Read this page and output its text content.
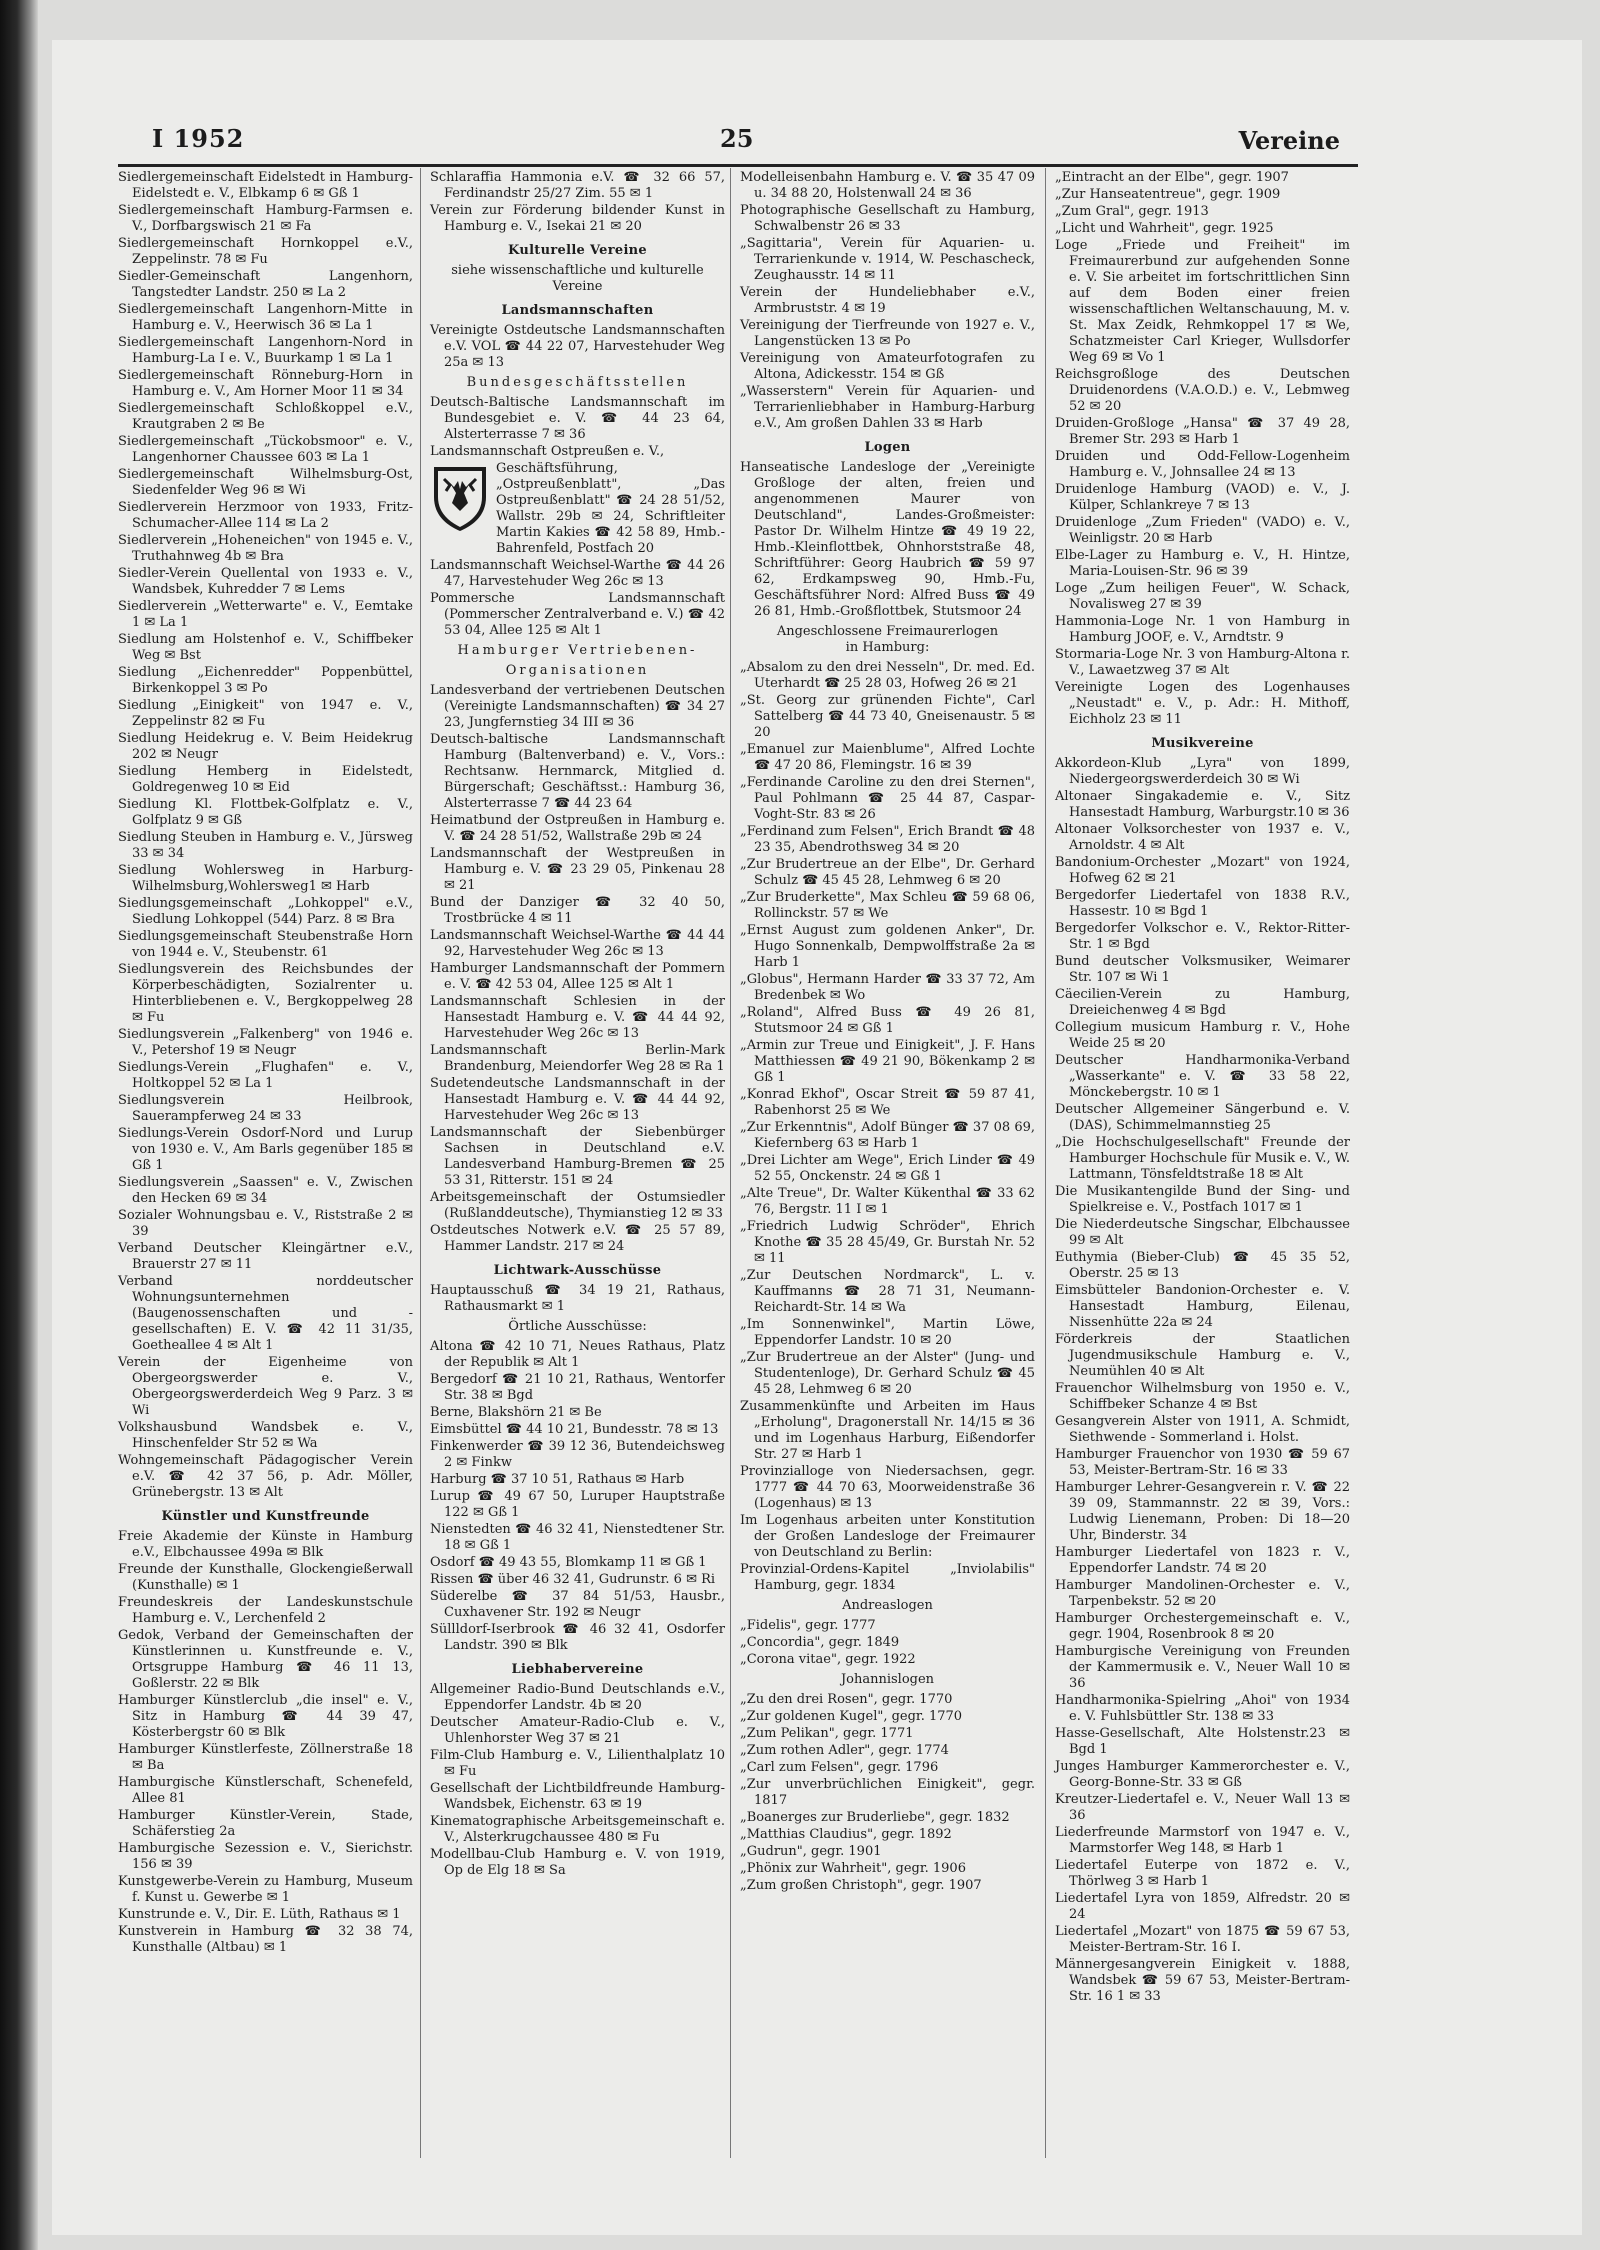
I 1952	25	Vereine
Siedlergemeinschaft Eidelstedt in Hamburg-Eidelstedt e. V., Elbkamp 6 ✉ Gß 1
Siedlergemeinschaft Hamburg-Farmsen e. V., Dorfbargswisch 21 ✉ Fa
Siedlergemeinschaft Hornkoppel e.V., Zeppelinstr. 78 ✉ Fu
Siedler-Gemeinschaft Langenhorn, Tangstedter Landstr. 250 ✉ La 2
Siedlergemeinschaft Langenhorn-Mitte in Hamburg e. V., Heerwisch 36 ✉ La 1
Siedlergemeinschaft Langenhorn-Nord in Hamburg-La I e. V., Buurkamp 1 ✉ La 1
Siedlergemeinschaft Rönneburg-Horn in Hamburg e. V., Am Horner Moor 11 ✉ 34
Siedlergemeinschaft Schloßkoppel e.V., Krautgraben 2 ✉ Be
Siedlergemeinschaft „Tückobsmoor" e. V., Langenhorner Chaussee 603 ✉ La 1
Siedlergemeinschaft Wilhelmsburg-Ost, Siedenfelder Weg 96 ✉ Wi
Siedlerverein Herzmoor von 1933, Fritz-Schumacher-Allee 114 ✉ La 2
Siedlerverein „Hoheneichen" von 1945 e. V., Truthahnweg 4b ✉ Bra
Siedler-Verein Quellental von 1933 e. V., Wandsbek, Kuhredder 7 ✉ Lems
Siedlerverein „Wetterwarte" e. V., Eemtake 1 ✉ La 1
Siedlung am Holstenhof e. V., Schiffbeker Weg ✉ Bst
Siedlung „Eichenredder" Poppenbüttel, Birkenkoppel 3 ✉ Po
Siedlung „Einigkeit" von 1947 e. V., Zeppelinstr 82 ✉ Fu
Siedlung Heidekrug e. V. Beim Heidekrug 202 ✉ Neugr
Siedlung Hemberg in Eidelstedt, Goldregenweg 10 ✉ Eid
Siedlung Kl. Flottbek-Golfplatz e. V., Golfplatz 9 ✉ Gß
Siedlung Steuben in Hamburg e. V., Jürsweg 33 ✉ 34
Siedlung Wohlersweg in Harburg-Wilhelmsburg,Wohlersweg1 ✉ Harb
Siedlungsgemeinschaft „Lohkoppel" e.V., Siedlung Lohkoppel (544) Parz. 8 ✉ Bra
Siedlungsgemeinschaft Steubenstraße Horn von 1944 e. V., Steubenstr. 61
Siedlungsverein des Reichsbundes der Körperbeschädigten, Sozialrenter u. Hinterbliebenen e. V., Bergkoppelweg 28 ✉ Fu
Siedlungsverein „Falkenberg" von 1946 e. V., Petershof 19 ✉ Neugr
Siedlungs-Verein „Flughafen" e. V., Holtkoppel 52 ✉ La 1
Siedlungsverein Heilbrook, Sauerampferweg 24 ✉ 33
Siedlungs-Verein Osdorf-Nord und Lurup von 1930 e. V., Am Barls gegenüber 185 ✉ Gß 1
Siedlungsverein „Saassen" e. V., Zwischen den Hecken 69 ✉ 34
Sozialer Wohnungsbau e. V., Riststraße 2 ✉ 39
Verband Deutscher Kleingärtner e.V., Brauerstr 27 ✉ 11
Verband norddeutscher Wohnungsunternehmen (Baugenossenschaften und -gesellschaften) E. V. ☎ 42 11 31/35, Goetheallee 4 ✉ Alt 1
Verein der Eigenheime von Obergeorgswerder e. V., Obergeorgswerderdeich Weg 9 Parz. 3 ✉ Wi
Volkshausbund Wandsbek e. V., Hinschenfelder Str 52 ✉ Wa
Wohngemeinschaft Pädagogischer Verein e.V. ☎ 42 37 56, p. Adr. Möller, Grünebergstr. 13 ✉ Alt
Künstler und Kunstfreunde
Freie Akademie der Künste in Hamburg e.V., Elbchaussee 499a ✉ Blk
Freunde der Kunsthalle, Glockengießerwall (Kunsthalle) ✉ 1
Freundeskreis der Landeskunstschule Hamburg e. V., Lerchenfeld 2
Gedok, Verband der Gemeinschaften der Künstlerinnen u. Kunstfreunde e. V., Ortsgruppe Hamburg ☎ 46 11 13, Goßlerstr. 22 ✉ Blk
Hamburger Künstlerclub „die insel" e. V., Sitz in Hamburg ☎ 44 39 47, Kösterbergstr 60 ✉ Blk
Hamburger Künstlerfeste, Zöllnerstraße 18 ✉ Ba
Hamburgische Künstlerschaft, Schenefeld, Allee 81
Hamburger Künstler-Verein, Stade, Schäferstieg 2a
Hamburgische Sezession e. V., Sierichstr. 156 ✉ 39
Kunstgewerbe-Verein zu Hamburg, Museum f. Kunst u. Gewerbe ✉ 1
Kunstrunde e. V., Dir. E. Lüth, Rathaus ✉ 1
Kunstverein in Hamburg ☎ 32 38 74, Kunsthalle (Altbau) ✉ 1
Schlaraffia Hammonia e.V. ☎ 32 66 57, Ferdinandstr 25/27 Zim. 55 ✉ 1
Verein zur Förderung bildender Kunst in Hamburg e. V., Isekai 21 ✉ 20
Kulturelle Vereine
siehe wissenschaftliche und kulturelle Vereine
Landsmannschaften
Vereinigte Ostdeutsche Landsmannschaften e.V. VOL ☎ 44 22 07, Harvestehuder Weg 25a ✉ 13
Bundesgeschäftsstellen
Deutsch-Baltische Landsmannschaft im Bundesgebiet e. V. ☎ 44 23 64, Alsterterrasse 7 ✉ 36
Landsmannschaft Ostpreußen e. V.,
Geschäftsführung, „Ostpreußenblatt", „Das Ostpreußenblatt" ☎ 24 28 51/52, Wallstr. 29b ✉ 24, Schriftleiter Martin Kakies ☎ 42 58 89, Hmb.-Bahrenfeld, Postfach 20
Landsmannschaft Weichsel-Warthe ☎ 44 26 47, Harvestehuder Weg 26c ✉ 13
Pommersche Landsmannschaft (Pommerscher Zentralverband e. V.) ☎ 42 53 04, Allee 125 ✉ Alt 1
Hamburger Vertriebenen-
Organisationen
Landesverband der vertriebenen Deutschen (Vereinigte Landsmannschaften) ☎ 34 27 23, Jungfernstieg 34 III ✉ 36
Deutsch-baltische Landsmannschaft Hamburg (Baltenverband) e. V., Vors.: Rechtsanw. Hernmarck, Mitglied d. Bürgerschaft; Geschäftsst.: Hamburg 36, Alsterterrasse 7 ☎ 44 23 64
Heimatbund der Ostpreußen in Hamburg e. V. ☎ 24 28 51/52, Wallstraße 29b ✉ 24
Landsmannschaft der Westpreußen in Hamburg e. V. ☎ 23 29 05, Pinkenau 28 ✉ 21
Bund der Danziger ☎ 32 40 50, Trostbrücke 4 ✉ 11
Landsmannschaft Weichsel-Warthe ☎ 44 44 92, Harvestehuder Weg 26c ✉ 13
Hamburger Landsmannschaft der Pommern e. V. ☎ 42 53 04, Allee 125 ✉ Alt 1
Landsmannschaft Schlesien in der Hansestadt Hamburg e. V. ☎ 44 44 92, Harvestehuder Weg 26c ✉ 13
Landsmannschaft Berlin-Mark Brandenburg, Meiendorfer Weg 28 ✉ Ra 1
Sudetendeutsche Landsmannschaft in der Hansestadt Hamburg e. V. ☎ 44 44 92, Harvestehuder Weg 26c ✉ 13
Landsmannschaft der Siebenbürger Sachsen in Deutschland e.V. Landesverband Hamburg-Bremen ☎ 25 53 31, Ritterstr. 151 ✉ 24
Arbeitsgemeinschaft der Ostumsiedler (Rußlanddeutsche), Thymianstieg 12 ✉ 33
Ostdeutsches Notwerk e.V. ☎ 25 57 89, Hammer Landstr. 217 ✉ 24
Lichtwark-Ausschüsse
Hauptausschuß ☎ 34 19 21, Rathaus, Rathausmarkt ✉ 1
Örtliche Ausschüsse:
Altona ☎ 42 10 71, Neues Rathaus, Platz der Republik ✉ Alt 1
Bergedorf ☎ 21 10 21, Rathaus, Wentorfer Str. 38 ✉ Bgd
Berne, Blakshörn 21 ✉ Be
Eimsbüttel ☎ 44 10 21, Bundesstr. 78 ✉ 13
Finkenwerder ☎ 39 12 36, Butendeichsweg 2 ✉ Finkw
Harburg ☎ 37 10 51, Rathaus ✉ Harb
Lurup ☎ 49 67 50, Luruper Hauptstraße 122 ✉ Gß 1
Nienstedten ☎ 46 32 41, Nienstedtener Str. 18 ✉ Gß 1
Osdorf ☎ 49 43 55, Blomkamp 11 ✉ Gß 1
Rissen ☎ über 46 32 41, Gudrunstr. 6 ✉ Ri
Süderelbe ☎ 37 84 51/53, Hausbr., Cuxhavener Str. 192 ✉ Neugr
Süllldorf-Iserbrook ☎ 46 32 41, Osdorfer Landstr. 390 ✉ Blk
Liebhabervereine
Allgemeiner Radio-Bund Deutschlands e.V., Eppendorfer Landstr. 4b ✉ 20
Deutscher Amateur-Radio-Club e. V., Uhlenhorster Weg 37 ✉ 21
Film-Club Hamburg e. V., Lilienthalplatz 10 ✉ Fu
Gesellschaft der Lichtbildfreunde Hamburg-Wandsbek, Eichenstr. 63 ✉ 19
Kinematographische Arbeitsgemeinschaft e. V., Alsterkrugchaussee 480 ✉ Fu
Modellbau-Club Hamburg e. V. von 1919, Op de Elg 18 ✉ Sa
Modelleisenbahn Hamburg e. V. ☎ 35 47 09 u. 34 88 20, Holstenwall 24 ✉ 36
Photographische Gesellschaft zu Hamburg, Schwalbenstr 26 ✉ 33
„Sagittaria", Verein für Aquarien- u. Terrarienkunde v. 1914, W. Peschascheck, Zeughausstr. 14 ✉ 11
Verein der Hundeliebhaber e.V., Armbruststr. 4 ✉ 19
Vereinigung der Tierfreunde von 1927 e. V., Langenstücken 13 ✉ Po
Vereinigung von Amateurfotografen zu Altona, Adickesstr. 154 ✉ Gß
„Wasserstern" Verein für Aquarien- und Terrarienliebhaber in Hamburg-Harburg e.V., Am großen Dahlen 33 ✉ Harb
Logen
Hanseatische Landesloge der „Vereinigte Großloge der alten, freien und angenommenen Maurer von Deutschland", Landes-Großmeister: Pastor Dr. Wilhelm Hintze ☎ 49 19 22, Hmb.-Kleinflottbek, Ohnhorststraße 48, Schriftführer: Georg Haubrich ☎ 59 97 62, Erdkampsweg 90, Hmb.-Fu, Geschäftsführer Nord: Alfred Buss ☎ 49 26 81, Hmb.-Großflottbek, Stutsmoor 24
Angeschlossene Freimaurerlogen
in Hamburg:
„Absalom zu den drei Nesseln", Dr. med. Ed. Uterhardt ☎ 25 28 03, Hofweg 26 ✉ 21
„St. Georg zur grünenden Fichte", Carl Sattelberg ☎ 44 73 40, Gneisenaustr. 5 ✉ 20
„Emanuel zur Maienblume", Alfred Lochte ☎ 47 20 86, Flemingstr. 16 ✉ 39
„Ferdinande Caroline zu den drei Sternen", Paul Pohlmann ☎ 25 44 87, Caspar-Voght-Str. 83 ✉ 26
„Ferdinand zum Felsen", Erich Brandt ☎ 48 23 35, Abendrothsweg 34 ✉ 20
„Zur Brudertreue an der Elbe", Dr. Gerhard Schulz ☎ 45 45 28, Lehmweg 6 ✉ 20
„Zur Bruderkette", Max Schleu ☎ 59 68 06, Rollinckstr. 57 ✉ We
„Ernst August zum goldenen Anker", Dr. Hugo Sonnenkalb, Dempwolffstraße 2a ✉ Harb 1
„Globus", Hermann Harder ☎ 33 37 72, Am Bredenbek ✉ Wo
„Roland", Alfred Buss ☎ 49 26 81, Stutsmoor 24 ✉ Gß 1
„Armin zur Treue und Einigkeit", J. F. Hans Matthiessen ☎ 49 21 90, Bökenkamp 2 ✉ Gß 1
„Konrad Ekhof", Oscar Streit ☎ 59 87 41, Rabenhorst 25 ✉ We
„Zur Erkenntnis", Adolf Bünger ☎ 37 08 69, Kiefernberg 63 ✉ Harb 1
„Drei Lichter am Wege", Erich Linder ☎ 49 52 55, Onckenstr. 24 ✉ Gß 1
„Alte Treue", Dr. Walter Kükenthal ☎ 33 62 76, Bergstr. 11 I ✉ 1
„Friedrich Ludwig Schröder", Ehrich Knothe ☎ 35 28 45/49, Gr. Burstah Nr. 52 ✉ 11
„Zur Deutschen Nordmarck", L. v. Kauffmanns ☎ 28 71 31, Neumann-Reichardt-Str. 14 ✉ Wa
„Im Sonnenwinkel", Martin Löwe, Eppendorfer Landstr. 10 ✉ 20
„Zur Brudertreue an der Alster" (Jung- und Studentenloge), Dr. Gerhard Schulz ☎ 45 45 28, Lehmweg 6 ✉ 20
Zusammenkünfte und Arbeiten im Haus „Erholung", Dragonerstall Nr. 14/15 ✉ 36 und im Logenhaus Harburg, Eißendorfer Str. 27 ✉ Harb 1
Provinzialloge von Niedersachsen, gegr. 1777 ☎ 44 70 63, Moorweidenstraße 36 (Logenhaus) ✉ 13
Im Logenhaus arbeiten unter Konstitution der Großen Landesloge der Freimaurer von Deutschland zu Berlin:
Provinzial-Ordens-Kapitel „Inviolabilis" Hamburg, gegr. 1834
Andreaslogen
„Fidelis", gegr. 1777
„Concordia", gegr. 1849
„Corona vitae", gegr. 1922
Johannislogen
„Zu den drei Rosen", gegr. 1770
„Zur goldenen Kugel", gegr. 1770
„Zum Pelikan", gegr. 1771
„Zum rothen Adler", gegr. 1774
„Carl zum Felsen", gegr. 1796
„Zur unverbrüchlichen Einigkeit", gegr. 1817
„Boanerges zur Bruderliebe", gegr. 1832
„Matthias Claudius", gegr. 1892
„Gudrun", gegr. 1901
„Phönix zur Wahrheit", gegr. 1906
„Zum großen Christoph", gegr. 1907
„Eintracht an der Elbe", gegr. 1907
„Zur Hanseatentreue", gegr. 1909
„Zum Gral", gegr. 1913
„Licht und Wahrheit", gegr. 1925
Loge „Friede und Freiheit" im Freimaurerbund zur aufgehenden Sonne e. V. Sie arbeitet im fortschrittlichen Sinn auf dem Boden einer freien wissenschaftlichen Weltanschauung, M. v. St. Max Zeidk, Rehmkoppel 17 ✉ We, Schatzmeister Carl Krieger, Wullsdorfer Weg 69 ✉ Vo 1
Reichsgroßloge des Deutschen Druidenordens (V.A.O.D.) e. V., Lebmweg 52 ✉ 20
Druiden-Großloge „Hansa" ☎ 37 49 28, Bremer Str. 293 ✉ Harb 1
Druiden und Odd-Fellow-Logenheim Hamburg e. V., Johnsallee 24 ✉ 13
Druidenloge Hamburg (VAOD) e. V., J. Külper, Schlankreye 7 ✉ 13
Druidenloge „Zum Frieden" (VADO) e. V., Weinligstr. 20 ✉ Harb
Elbe-Lager zu Hamburg e. V., H. Hintze, Maria-Louisen-Str. 96 ✉ 39
Loge „Zum heiligen Feuer", W. Schack, Novalisweg 27 ✉ 39
Hammonia-Loge Nr. 1 von Hamburg in Hamburg JOOF, e. V., Arndtstr. 9
Stormaria-Loge Nr. 3 von Hamburg-Altona r. V., Lawaetzweg 37 ✉ Alt
Vereinigte Logen des Logenhauses „Neustadt" e. V., p. Adr.: H. Mithoff, Eichholz 23 ✉ 11
Musikvereine
Akkordeon-Klub „Lyra" von 1899, Niedergeorgswerderdeich 30 ✉ Wi
Altonaer Singakademie e. V., Sitz Hansestadt Hamburg, Warburgstr.10 ✉ 36
Altonaer Volksorchester von 1937 e. V., Arnoldstr. 4 ✉ Alt
Bandonium-Orchester „Mozart" von 1924, Hofweg 62 ✉ 21
Bergedorfer Liedertafel von 1838 R.V., Hassestr. 10 ✉ Bgd 1
Bergedorfer Volkschor e. V., Rektor-Ritter-Str. 1 ✉ Bgd
Bund deutscher Volksmusiker, Weimarer Str. 107 ✉ Wi 1
Cäecilien-Verein zu Hamburg, Dreieichenweg 4 ✉ Bgd
Collegium musicum Hamburg r. V., Hohe Weide 25 ✉ 20
Deutscher Handharmonika-Verband „Wasserkante" e. V. ☎ 33 58 22, Mönckebergstr. 10 ✉ 1
Deutscher Allgemeiner Sängerbund e. V. (DAS), Schimmelmannstieg 25
„Die Hochschulgesellschaft" Freunde der Hamburger Hochschule für Musik e. V., W. Lattmann, Tönsfeldtstraße 18 ✉ Alt
Die Musikantengilde Bund der Sing- und Spielkreise e. V., Postfach 1017 ✉ 1
Die Niederdeutsche Singschar, Elbchaussee 99 ✉ Alt
Euthymia (Bieber-Club) ☎ 45 35 52, Oberstr. 25 ✉ 13
Eimsbütteler Bandonion-Orchester e. V. Hansestadt Hamburg, Eilenau, Nissenhütte 22a ✉ 24
Förderkreis der Staatlichen Jugendmusikschule Hamburg e. V., Neumühlen 40 ✉ Alt
Frauenchor Wilhelmsburg von 1950 e. V., Schiffbeker Schanze 4 ✉ Bst
Gesangverein Alster von 1911, A. Schmidt, Siethwende - Sommerland i. Holst.
Hamburger Frauenchor von 1930 ☎ 59 67 53, Meister-Bertram-Str. 16 ✉ 33
Hamburger Lehrer-Gesangverein r. V. ☎ 22 39 09, Stammannstr. 22 ✉ 39, Vors.: Ludwig Lienemann, Proben: Di 18—20 Uhr, Binderstr. 34
Hamburger Liedertafel von 1823 r. V., Eppendorfer Landstr. 74 ✉ 20
Hamburger Mandolinen-Orchester e. V., Tarpenbekstr. 52 ✉ 20
Hamburger Orchestergemeinschaft e. V., gegr. 1904, Rosenbrook 8 ✉ 20
Hamburgische Vereinigung von Freunden der Kammermusik e. V., Neuer Wall 10 ✉ 36
Handharmonika-Spielring „Ahoi" von 1934 e. V. Fuhlsbüttler Str. 138 ✉ 33
Hasse-Gesellschaft, Alte Holstenstr.23 ✉ Bgd 1
Junges Hamburger Kammerorchester e. V., Georg-Bonne-Str. 33 ✉ Gß
Kreutzer-Liedertafel e. V., Neuer Wall 13 ✉ 36
Liederfreunde Marmstorf von 1947 e. V., Marmstorfer Weg 148, ✉ Harb 1
Liedertafel Euterpe von 1872 e. V., Thörlweg 3 ✉ Harb 1
Liedertafel Lyra von 1859, Alfredstr. 20 ✉ 24
Liedertafel „Mozart" von 1875 ☎ 59 67 53, Meister-Bertram-Str. 16 I.
Männergesangverein Einigkeit v. 1888, Wandsbek ☎ 59 67 53, Meister-Bertram-Str. 16 1 ✉ 33
